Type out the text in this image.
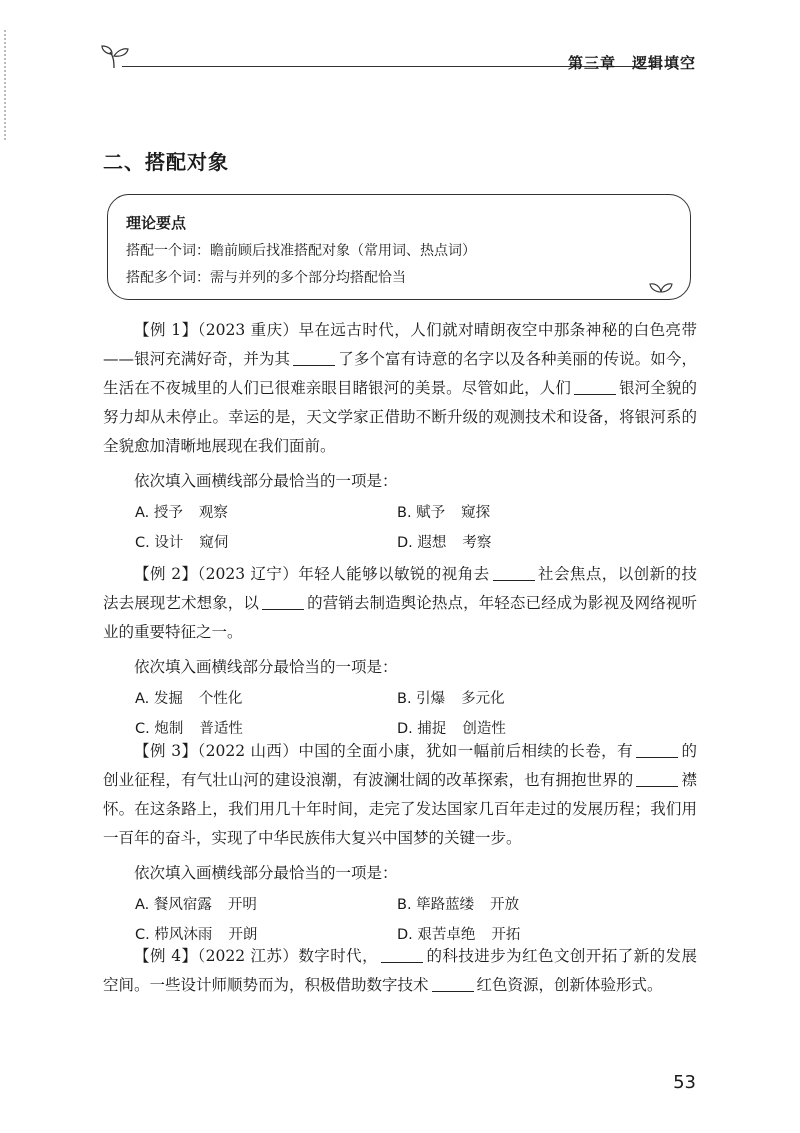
第三章 逻辑填空
二、搭配对象
理论要点
搭配一个词：瞻前顾后找准搭配对象（常用词、热点词）
搭配多个词：需与并列的多个部分均搭配恰当

【例 1】（2023 重庆）早在远古时代，人们就对晴朗夜空中那条神秘的白色亮带——银河充满好奇，并为其	了多个富有诗意的名字以及各种美丽的传说。如今，生活在不夜城里的人们已很难亲眼目睹银河的美景。尽管如此，人们	银河全貌的努力却从未停止。幸运的是，天文学家正借助不断升级的观测技术和设备，将银河系的全貌愈加清晰地展现在我们面前。

依次填入画横线部分最恰当的一项是：

A. 授予 观察	B. 赋予 窥探
C. 设计 窥伺	D. 遐想 考察

【例 2】（2023 辽宁）年轻人能够以敏锐的视角去	社会焦点，以创新的技法去展现艺术想象，以	的营销去制造舆论热点，年轻态已经成为影视及网络视听业的重要特征之一。

依次填入画横线部分最恰当的一项是：

A. 发掘 个性化	B. 引爆 多元化
C. 炮制 普适性	D. 捕捉 创造性

【例 3】（2022 山西）中国的全面小康，犹如一幅前后相续的长卷，有	的创业征程，有气壮山河的建设浪潮，有波澜壮阔的改革探索，也有拥抱世界的	襟怀。在这条路上，我们用几十年时间，走完了发达国家几百年走过的发展历程；我们用一百年的奋斗，实现了中华民族伟大复兴中国梦的关键一步。

依次填入画横线部分最恰当的一项是：

A. 餐风宿露 开明	B. 筚路蓝缕 开放
C. 栉风沐雨 开朗	D. 艰苦卓绝 开拓

【例 4】（2022 江苏）数字时代，	的科技进步为红色文创开拓了新的发展空间。一些设计师顺势而为，积极借助数字技术	红色资源，创新体验形式。

53
